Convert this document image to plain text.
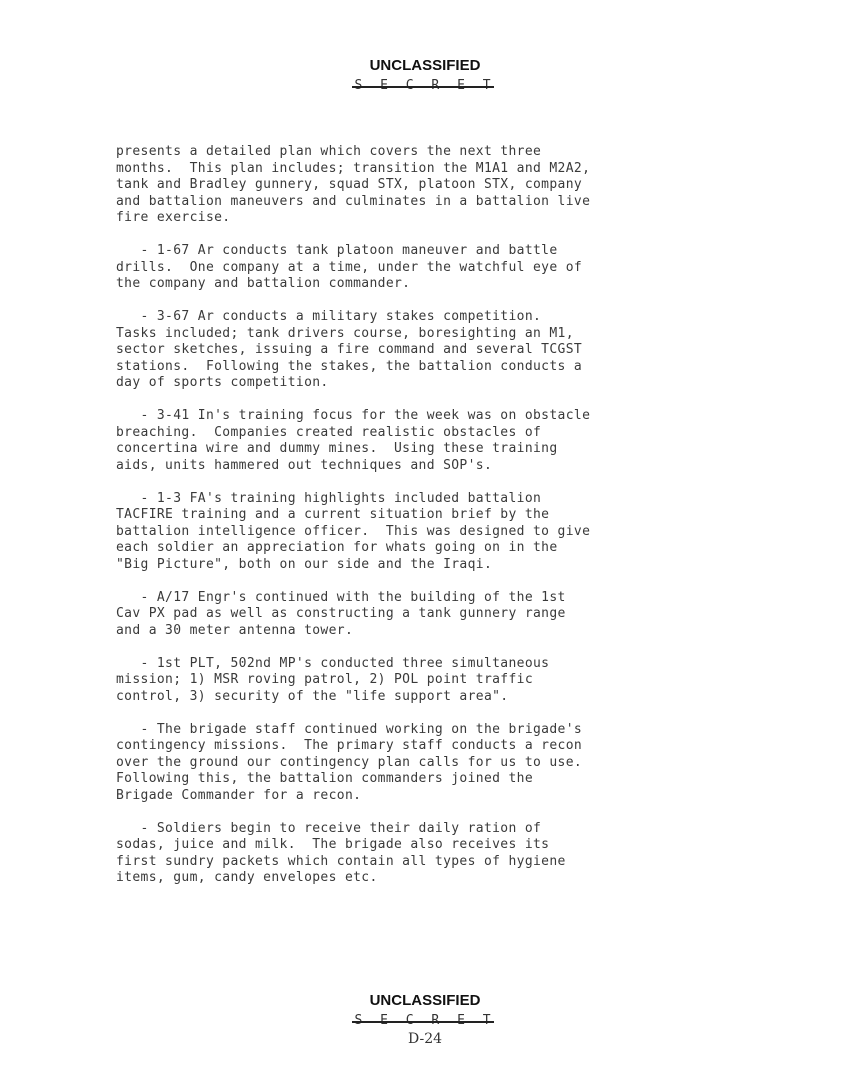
UNCLASSIFIED
S E C R E T

presents a detailed plan which covers the next three
months.  This plan includes; transition the M1A1 and M2A2,
tank and Bradley gunnery, squad STX, platoon STX, company
and battalion maneuvers and culminates in a battalion live
fire exercise.

- 1-67 Ar conducts tank platoon maneuver and battle
drills.  One company at a time, under the watchful eye of
the company and battalion commander.

- 3-67 Ar conducts a military stakes competition.
Tasks included; tank drivers course, boresighting an M1,
sector sketches, issuing a fire command and several TCGST
stations.  Following the stakes, the battalion conducts a
day of sports competition.

- 3-41 In's training focus for the week was on obstacle
breaching.  Companies created realistic obstacles of
concertina wire and dummy mines.  Using these training
aids, units hammered out techniques and SOP's.

- 1-3 FA's training highlights included battalion
TACFIRE training and a current situation brief by the
battalion intelligence officer.  This was designed to give
each soldier an appreciation for whats going on in the
"Big Picture", both on our side and the Iraqi.

- A/17 Engr's continued with the building of the 1st
Cav PX pad as well as constructing a tank gunnery range
and a 30 meter antenna tower.

- 1st PLT, 502nd MP's conducted three simultaneous
mission; 1) MSR roving patrol, 2) POL point traffic
control, 3) security of the "life support area".

- The brigade staff continued working on the brigade's
contingency missions.  The primary staff conducts a recon
over the ground our contingency plan calls for us to use.
Following this, the battalion commanders joined the
Brigade Commander for a recon.

- Soldiers begin to receive their daily ration of
sodas, juice and milk.  The brigade also receives its
first sundry packets which contain all types of hygiene
items, gum, candy envelopes etc.

UNCLASSIFIED
S E C R E T
D-24
